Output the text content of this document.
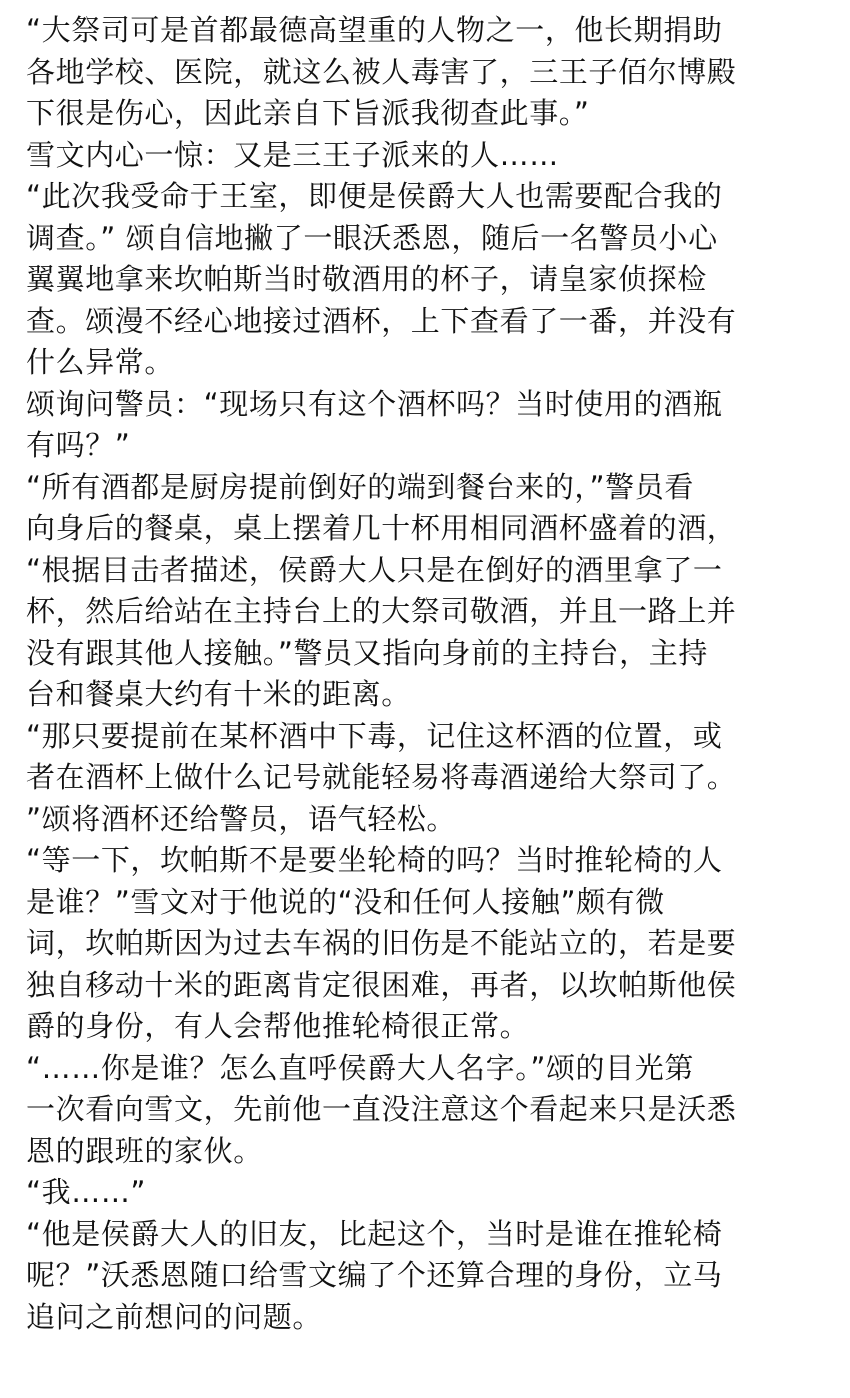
“大祭司可是首都最德高望重的人物之一，他长期捐助
各地学校、医院，就这么被人毒害了，三王子佰尔博殿
下很是伤心，因此亲自下旨派我彻查此事。”
雪文内心一惊：又是三王子派来的人……
“此次我受命于王室，即便是侯爵大人也需要配合我的
调查。” 颂自信地撇了一眼沃悉恩，随后一名警员小心
翼翼地拿来坎帕斯当时敬酒用的杯子，请皇家侦探检
查。颂漫不经心地接过酒杯，上下查看了一番，并没有
什么异常。
颂询问警员：“现场只有这个酒杯吗？当时使用的酒瓶
有吗？”
“所有酒都是厨房提前倒好的端到餐台来的，”警员看
向身后的餐桌，桌上摆着几十杯用相同酒杯盛着的酒，
“根据目击者描述，侯爵大人只是在倒好的酒里拿了一
杯，然后给站在主持台上的大祭司敬酒，并且一路上并
没有跟其他人接触。”警员又指向身前的主持台，主持
台和餐桌大约有十米的距离。
“那只要提前在某杯酒中下毒，记住这杯酒的位置，或
者在酒杯上做什么记号就能轻易将毒酒递给大祭司了。
”颂将酒杯还给警员，语气轻松。
“等一下，坎帕斯不是要坐轮椅的吗？当时推轮椅的人
是谁？”雪文对于他说的“没和任何人接触”颇有微
词，坎帕斯因为过去车祸的旧伤是不能站立的，若是要
独自移动十米的距离肯定很困难，再者，以坎帕斯他侯
爵的身份，有人会帮他推轮椅很正常。
“……你是谁？怎么直呼侯爵大人名字。”颂的目光第
一次看向雪文，先前他一直没注意这个看起来只是沃悉
恩的跟班的家伙。
“我……”
“他是侯爵大人的旧友，比起这个，当时是谁在推轮椅
呢？”沃悉恩随口给雪文编了个还算合理的身份，立马
追问之前想问的问题。
